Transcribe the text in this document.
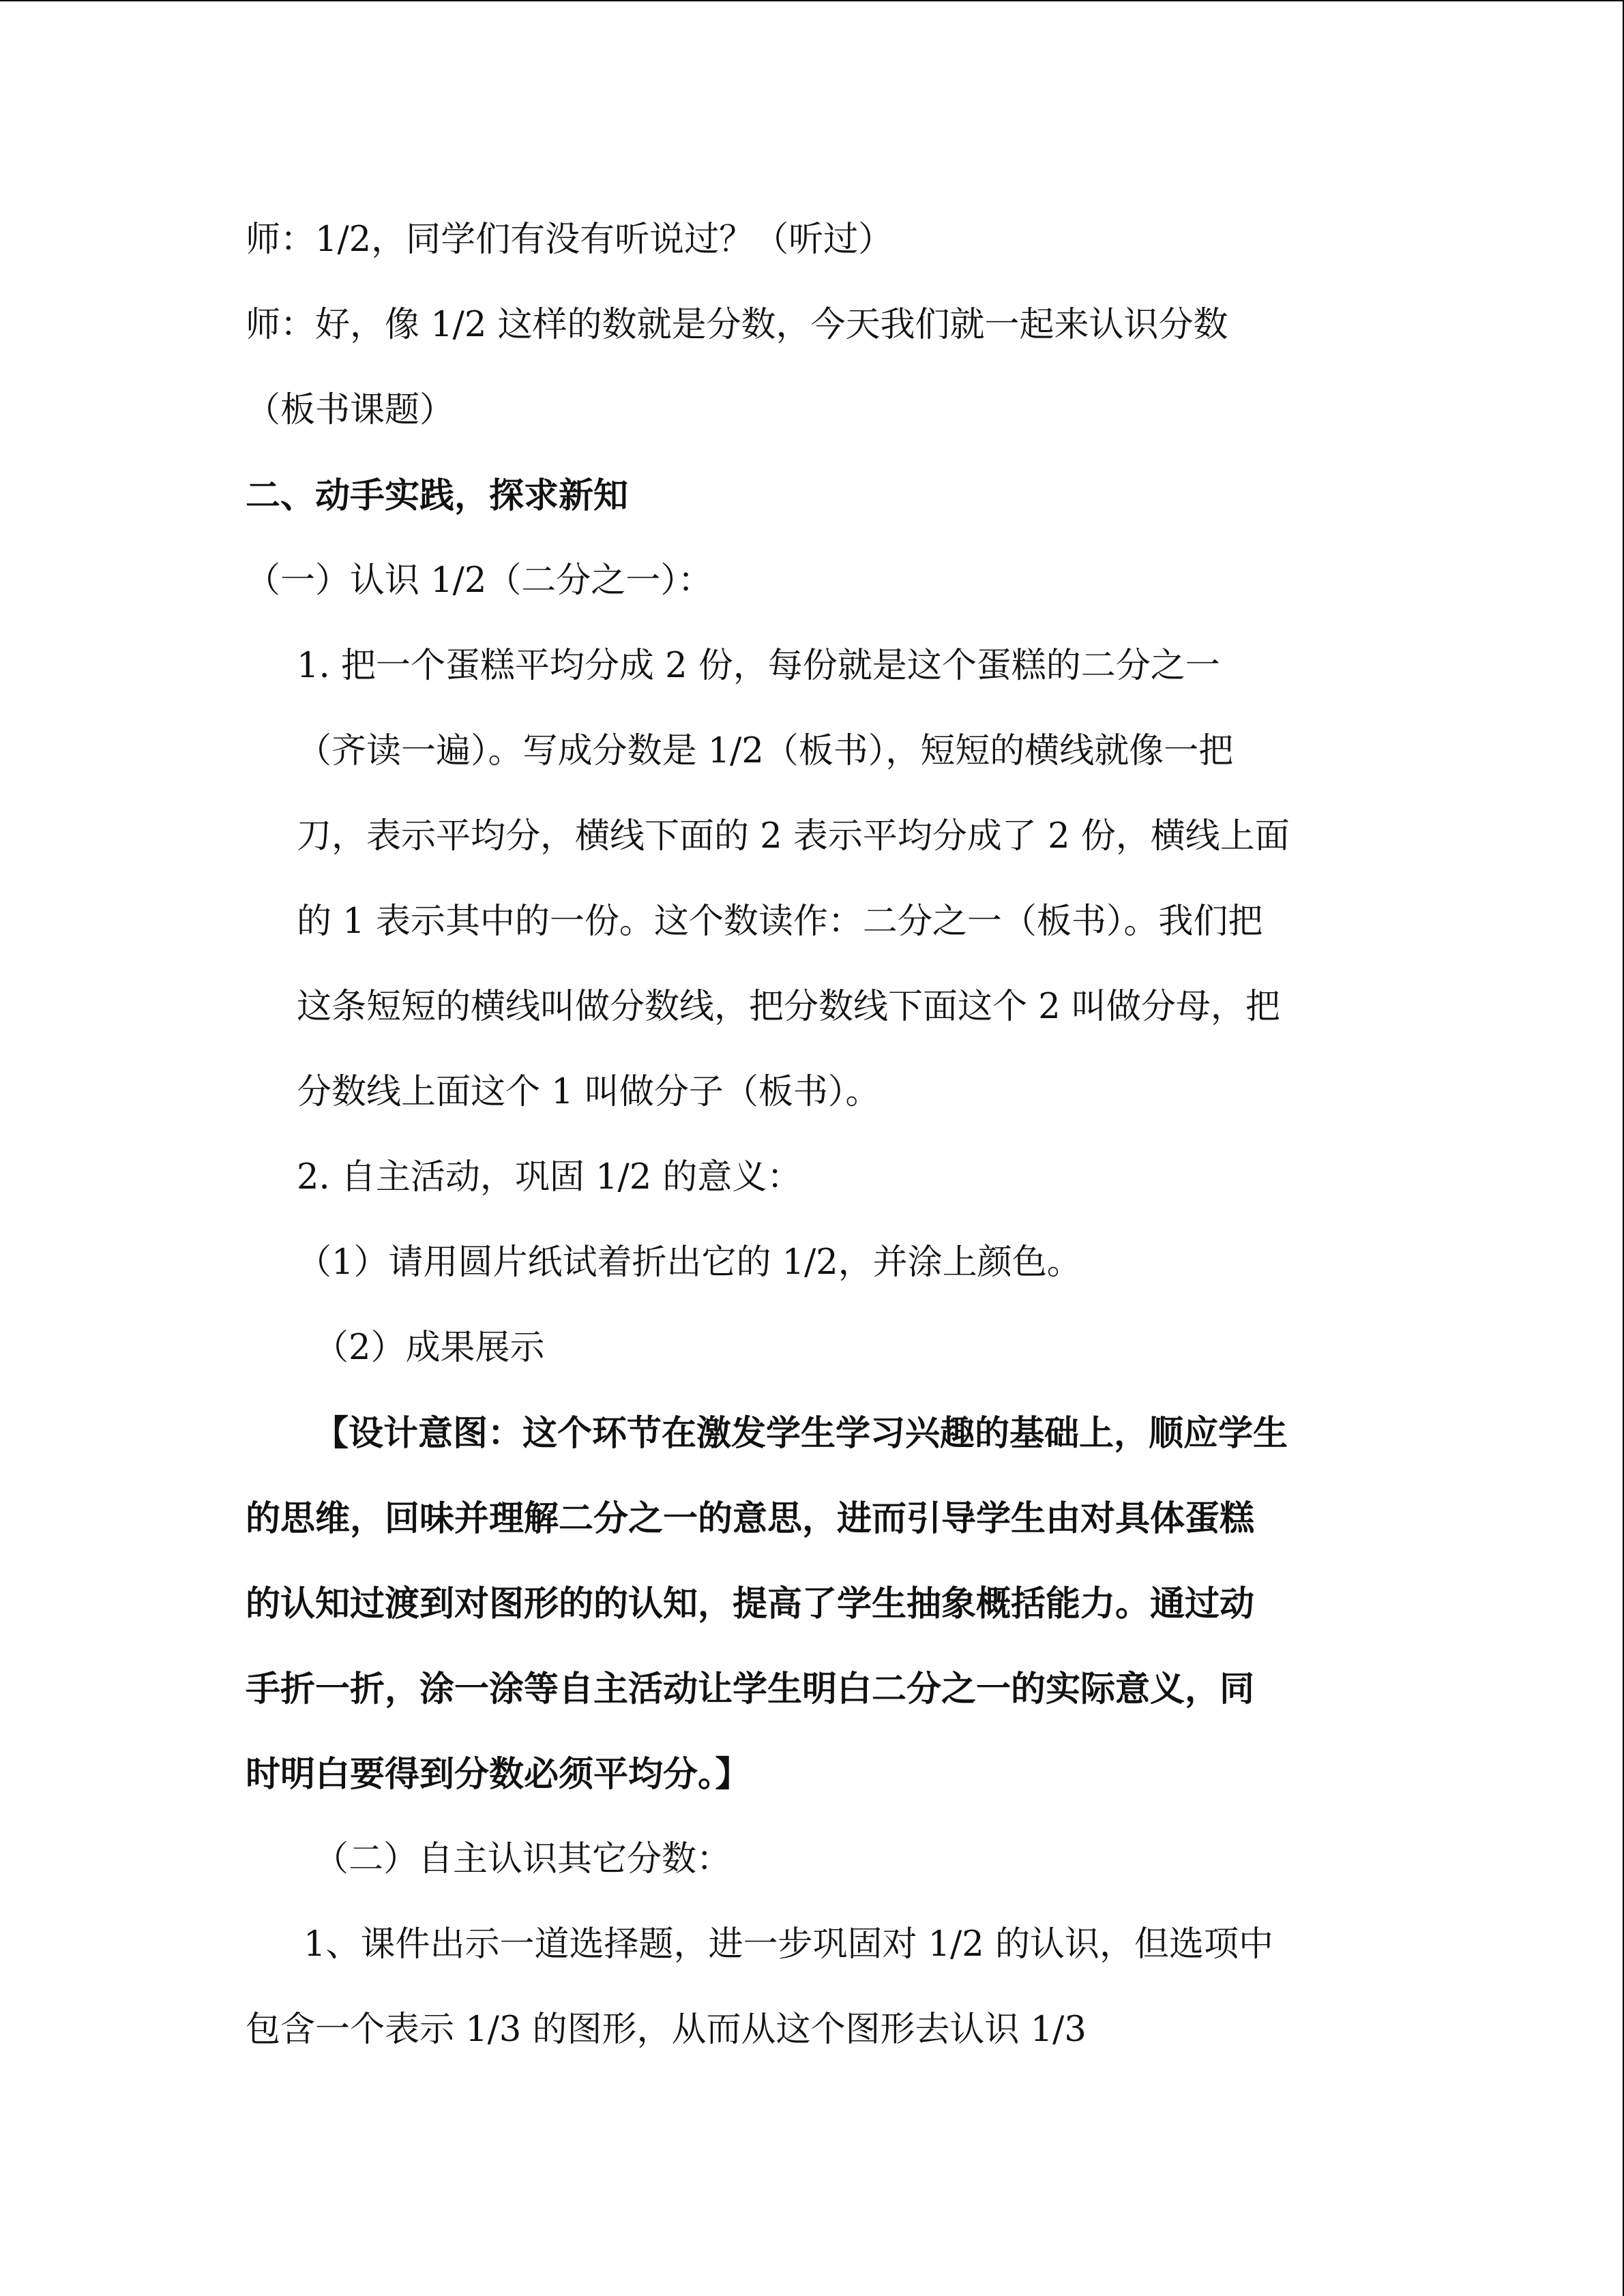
师：1/2，同学们有没有听说过？（听过）

师：好，像 1/2 这样的数就是分数，今天我们就一起来认识分数

（板书课题）

二、动手实践，探求新知

（一）认识 1/2（二分之一）：

1. 把一个蛋糕平均分成 2 份，每份就是这个蛋糕的二分之一

（齐读一遍）。写成分数是 1/2（板书），短短的横线就像一把

刀，表示平均分，横线下面的 2 表示平均分成了 2 份，横线上面

的 1 表示其中的一份。这个数读作：二分之一（板书）。我们把

这条短短的横线叫做分数线，把分数线下面这个 2 叫做分母，把

分数线上面这个 1 叫做分子（板书）。

2. 自主活动，巩固 1/2 的意义：

（1）请用圆片纸试着折出它的 1/2，并涂上颜色。

（2）成果展示

【设计意图：这个环节在激发学生学习兴趣的基础上，顺应学生

的思维，回味并理解二分之一的意思，进而引导学生由对具体蛋糕

的认知过渡到对图形的的认知，提高了学生抽象概括能力。通过动

手折一折，涂一涂等自主活动让学生明白二分之一的实际意义，同

时明白要得到分数必须平均分。】

（二）自主认识其它分数：

1、课件出示一道选择题，进一步巩固对 1/2 的认识，但选项中

包含一个表示 1/3 的图形，从而从这个图形去认识 1/3
